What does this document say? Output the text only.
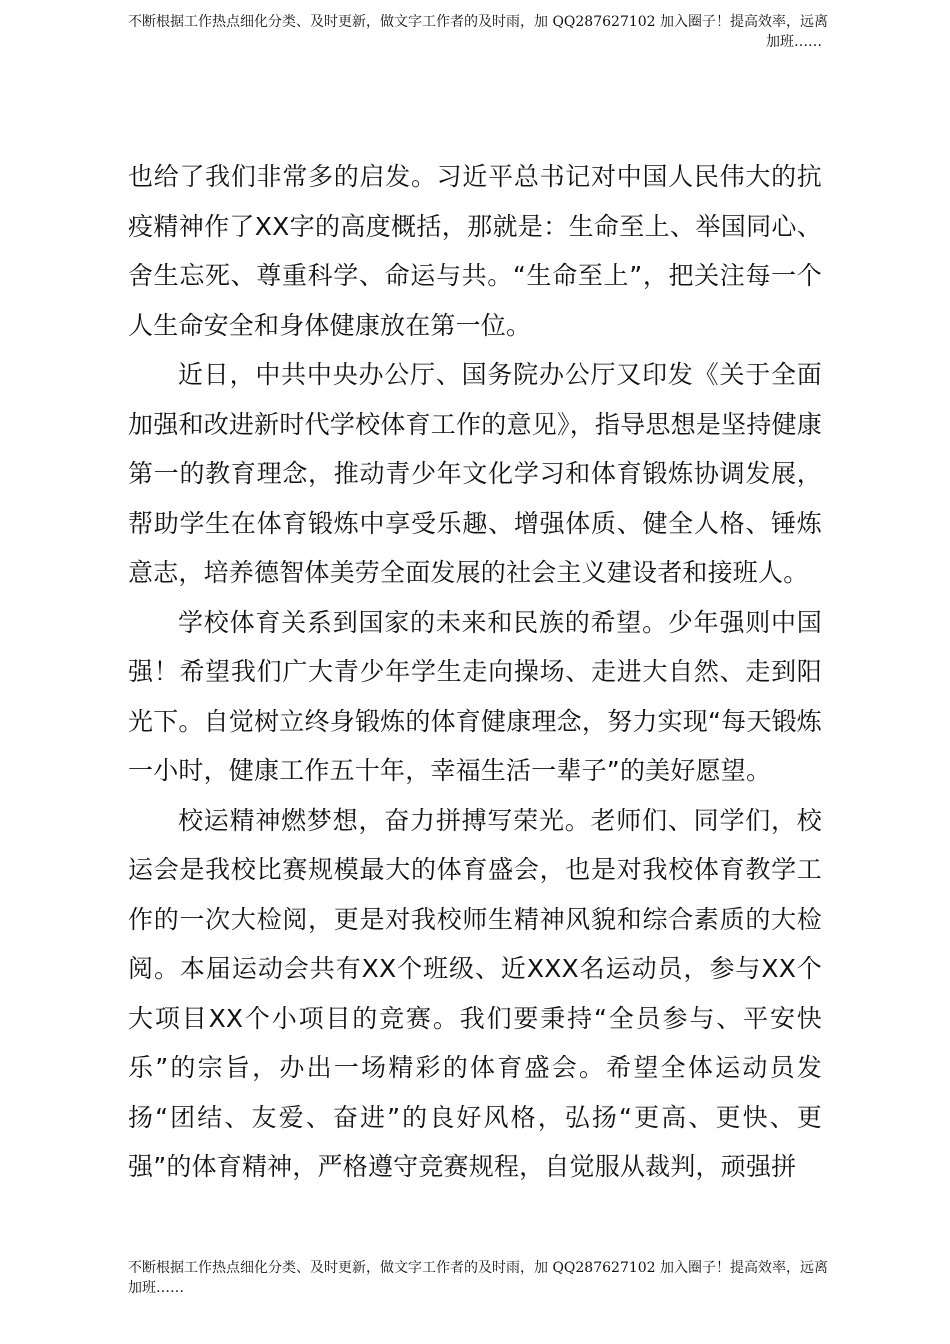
不断根据工作热点细化分类、及时更新，做文字工作者的及时雨，加 QQ287627102 加入圈子！提高效率，远离
加班……

也给了我们非常多的启发。习近平总书记对中国人民伟大的抗疫精神作了XX字的高度概括，那就是：生命至上、举国同心、舍生忘死、尊重科学、命运与共。“生命至上”，把关注每一个人生命安全和身体健康放在第一位。

近日，中共中央办公厅、国务院办公厅又印发《关于全面加强和改进新时代学校体育工作的意见》，指导思想是坚持健康第一的教育理念，推动青少年文化学习和体育锻炼协调发展，帮助学生在体育锻炼中享受乐趣、增强体质、健全人格、锤炼意志，培养德智体美劳全面发展的社会主义建设者和接班人。

学校体育关系到国家的未来和民族的希望。少年强则中国强！希望我们广大青少年学生走向操场、走进大自然、走到阳光下。自觉树立终身锻炼的体育健康理念，努力实现“每天锻炼一小时，健康工作五十年，幸福生活一辈子”的美好愿望。

校运精神燃梦想，奋力拼搏写荣光。老师们、同学们，校运会是我校比赛规模最大的体育盛会，也是对我校体育教学工作的一次大检阅，更是对我校师生精神风貌和综合素质的大检阅。本届运动会共有XX个班级、近XXX名运动员，参与XX个大项目XX个小项目的竞赛。我们要秉持“全员参与、平安快乐”的宗旨，办出一场精彩的体育盛会。希望全体运动员发扬“团结、友爱、奋进”的良好风格，弘扬“更高、更快、更强”的体育精神，严格遵守竞赛规程，自觉服从裁判，顽强拼

不断根据工作热点细化分类、及时更新，做文字工作者的及时雨，加 QQ287627102 加入圈子！提高效率，远离
加班……
